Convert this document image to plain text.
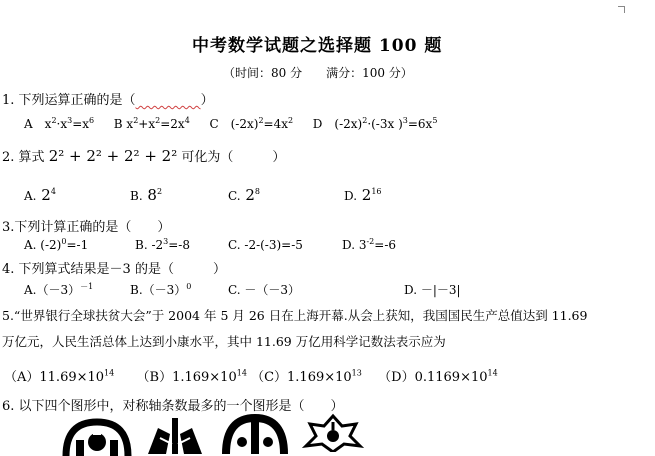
中考数学试题之选择题 100 题
（时间：80 分　　满分：100 分）
1. 下列运算正确的是（　　　　　	）
A　$x^2\cdot x^3=x^6$ B $x^2+x^2=2x^4$ C　$(-2x)^2=4x^2$ D　$(-2x)^2\cdot(-3x$ )$^3=6x^5$
2. 算式 2² + 2² + 2² + 2² 可化为（　　　）
A. $2^4$	B. $8^2$	C. $2^8$	D. $2^{16}$
3.下列计算正确的是（　　）
A. $(-2)^0=-1$	B. $-2^3=-8$	C. -2-(-3)=-5	D. $3^{-2}=-6$
4. 下列算式结果是－3 的是（　　　）
$A.(-3)^{-1}$	$B.(-3)^0$	C. －（－3）	D. －|－3|
5.“世界银行全球扶贫大会”于 2004 年 5 月 26 日在上海开幕.从会上获知，我国国民生产总值达到 11.69
万亿元，人民生活总体上达到小康水平，其中 11.69 万亿用科学记数法表示应为
$(A)11.69\times 10^{14}$ $(B)1.169\times 10^{14}$ $(C)1.169\times 10^{13}$ $(D)0.1169\times 10^{14}$
6. 以下四个图形中，对称轴条数最多的一个图形是（　　）
